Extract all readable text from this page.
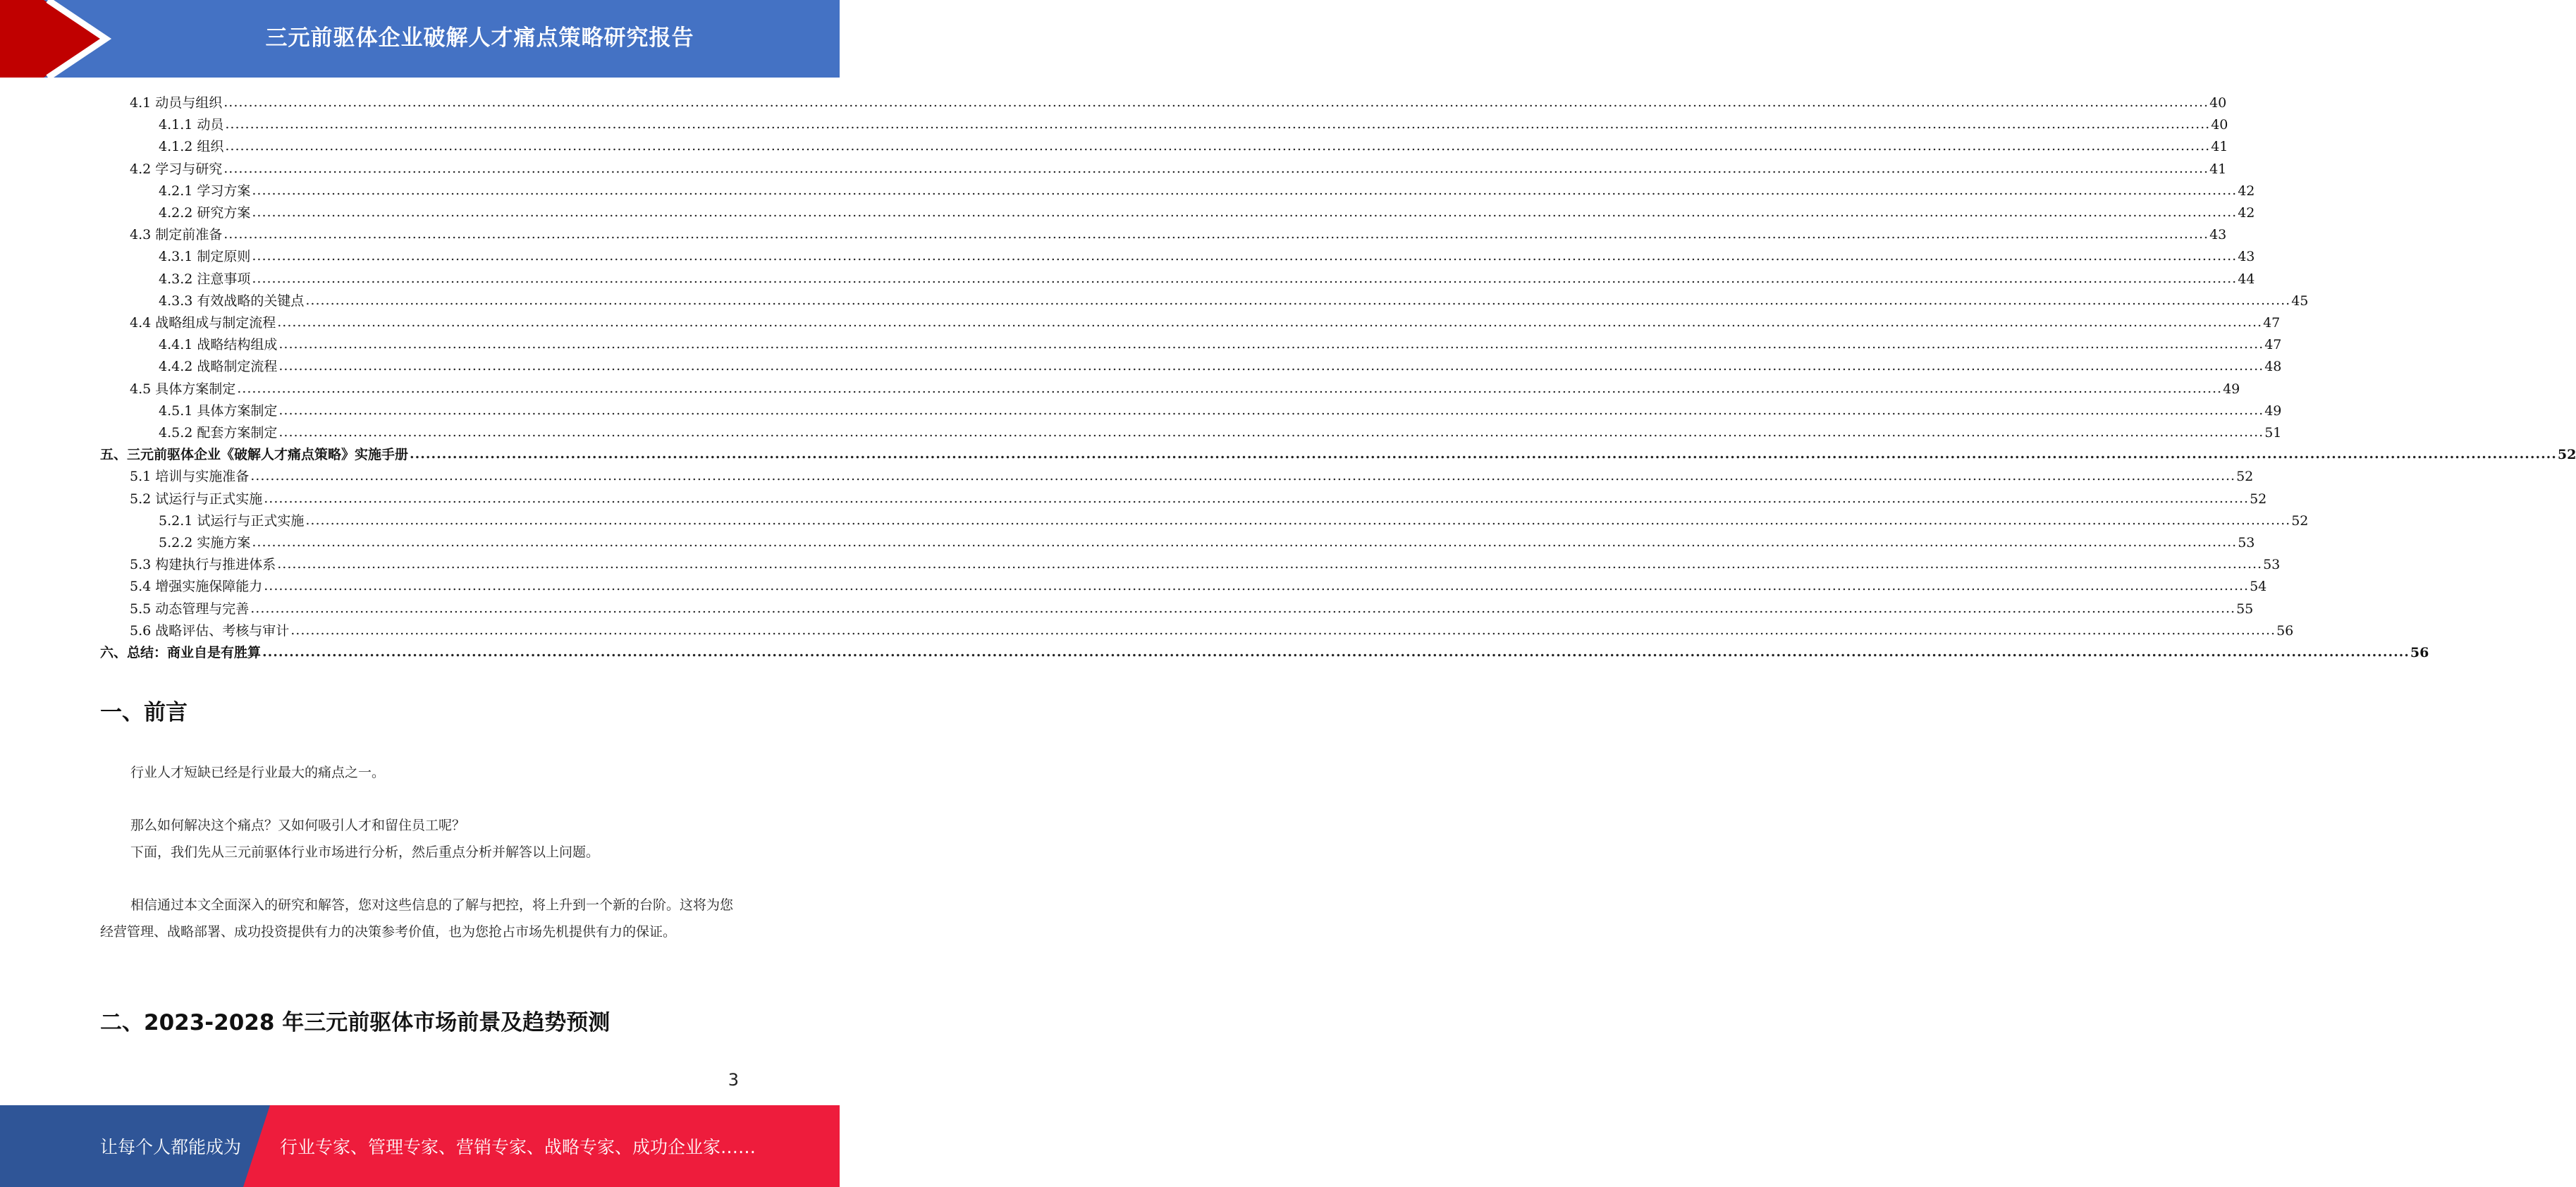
三元前驱体企业破解人才痛点策略研究报告
一、前言

行业人才短缺已经是行业最大的痛点之一。

那么如何解决这个痛点？又如何吸引人才和留住员工呢？

下面，我们先从三元前驱体行业市场进行分析，然后重点分析并解答以上问题。

相信通过本文全面深入的研究和解答，您对这些信息的了解与把控，将上升到一个新的台阶。这将为您经营管理、战略部署、成功投资提供有力的决策参考价值，也为您抢占市场先机提供有力的保证。

二、2023-2028 年三元前驱体市场前景及趋势预测
3
让每个人都能成为 行业专家、管理专家、营销专家、战略专家、成功企业家……
4.1 动员与组织 ................................................................................................................................................................................................................................................................................................................................................................................................................ 40
4.1.1 动员 ................................................................................................................................................................................................................................................................................................................................................................................................................ 40
4.1.2 组织 ................................................................................................................................................................................................................................................................................................................................................................................................................ 41
4.2 学习与研究 ................................................................................................................................................................................................................................................................................................................................................................................................................ 41
4.2.1 学习方案 ................................................................................................................................................................................................................................................................................................................................................................................................................ 42
4.2.2 研究方案 ................................................................................................................................................................................................................................................................................................................................................................................................................ 42
4.3 制定前准备 ................................................................................................................................................................................................................................................................................................................................................................................................................ 43
4.3.1 制定原则 ................................................................................................................................................................................................................................................................................................................................................................................................................ 43
4.3.2 注意事项 ................................................................................................................................................................................................................................................................................................................................................................................................................ 44
4.3.3 有效战略的关键点 ................................................................................................................................................................................................................................................................................................................................................................................................................ 45
4.4 战略组成与制定流程 ................................................................................................................................................................................................................................................................................................................................................................................................................ 47
4.4.1 战略结构组成 ................................................................................................................................................................................................................................................................................................................................................................................................................ 47
4.4.2 战略制定流程 ................................................................................................................................................................................................................................................................................................................................................................................................................ 48
4.5 具体方案制定 ................................................................................................................................................................................................................................................................................................................................................................................................................ 49
4.5.1 具体方案制定 ................................................................................................................................................................................................................................................................................................................................................................................................................ 49
4.5.2 配套方案制定 ................................................................................................................................................................................................................................................................................................................................................................................................................ 51
五、三元前驱体企业《破解人才痛点策略》实施手册 ................................................................................................................................................................................................................................................................................................................................................................................................................ 52
5.1 培训与实施准备 ................................................................................................................................................................................................................................................................................................................................................................................................................ 52
5.2 试运行与正式实施 ................................................................................................................................................................................................................................................................................................................................................................................................................ 52
5.2.1 试运行与正式实施 ................................................................................................................................................................................................................................................................................................................................................................................................................ 52
5.2.2 实施方案 ................................................................................................................................................................................................................................................................................................................................................................................................................ 53
5.3 构建执行与推进体系 ................................................................................................................................................................................................................................................................................................................................................................................................................ 53
5.4 增强实施保障能力 ................................................................................................................................................................................................................................................................................................................................................................................................................ 54
5.5 动态管理与完善 ................................................................................................................................................................................................................................................................................................................................................................................................................ 55
5.6 战略评估、考核与审计 ................................................................................................................................................................................................................................................................................................................................................................................................................ 56
六、总结：商业自是有胜算 ................................................................................................................................................................................................................................................................................................................................................................................................................ 56
